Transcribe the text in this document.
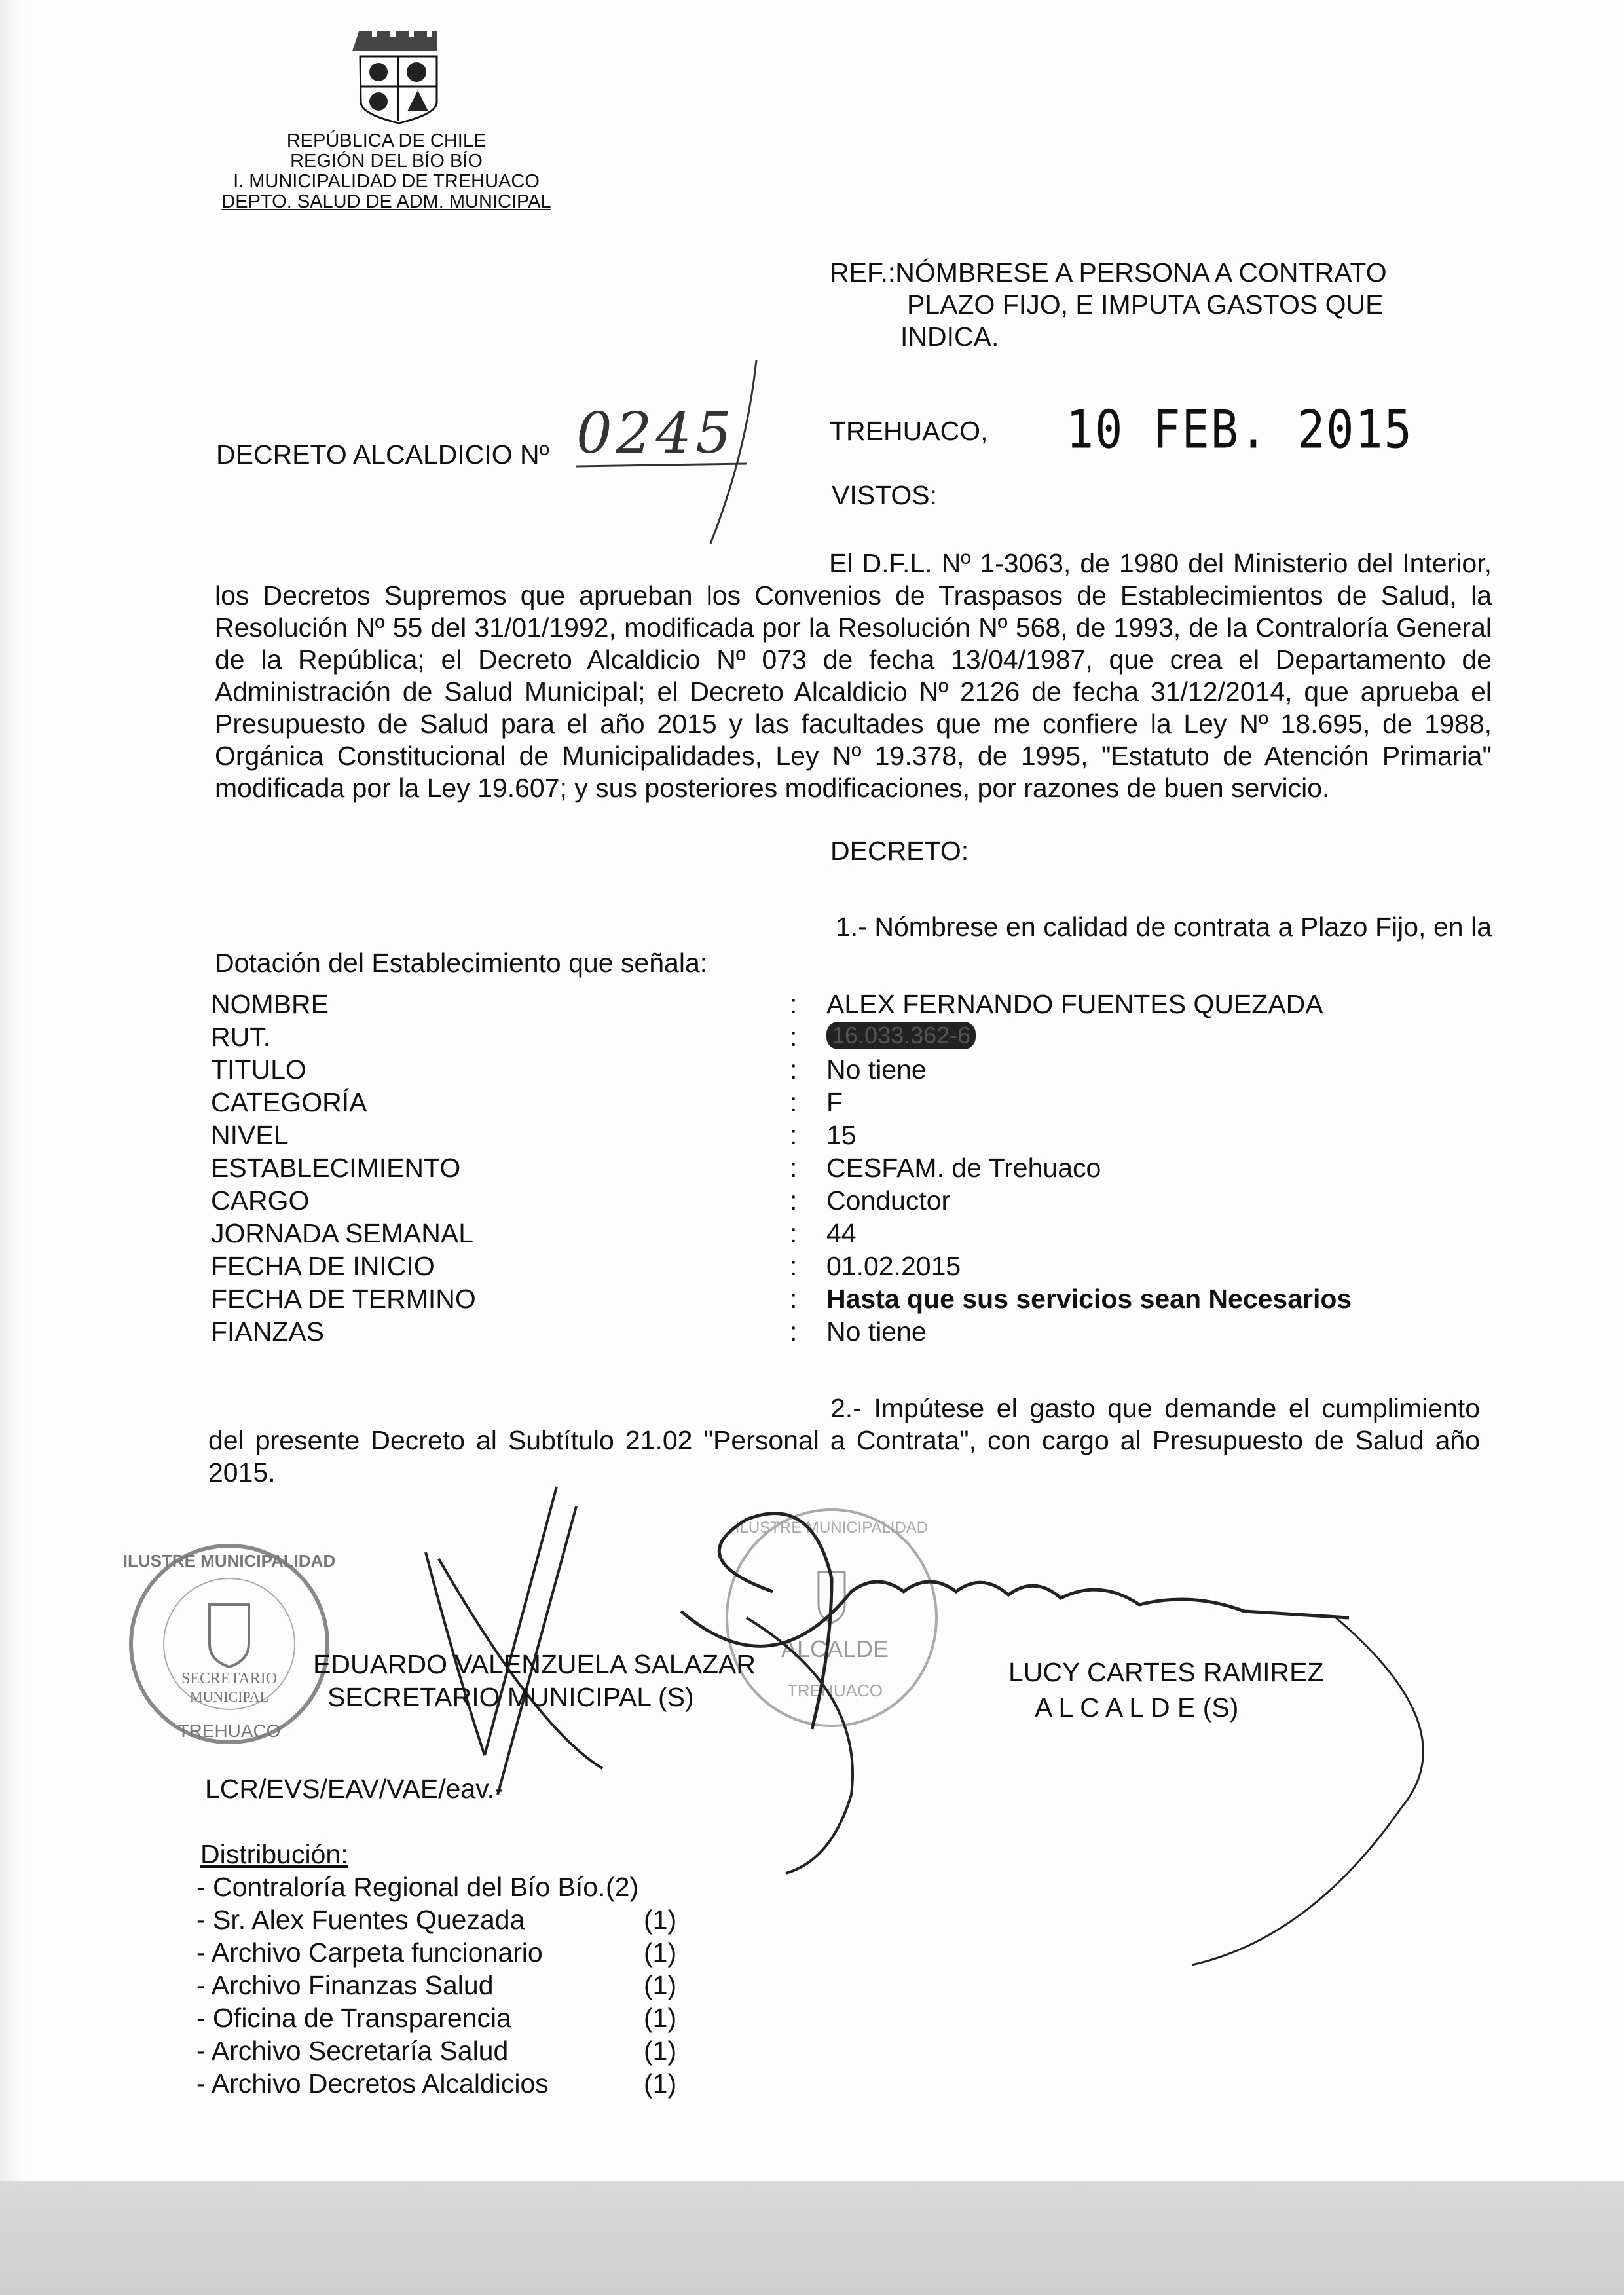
REPÚBLICA DE CHILE
REGIÓN DEL BÍO BÍO
I. MUNICIPALIDAD DE TREHUACO
DEPTO. SALUD DE ADM. MUNICIPAL
REF.:NÓMBRESE A PERSONA A CONTRATO
PLAZO FIJO, E IMPUTA GASTOS QUE
INDICA.
DECRETO ALCALDICIO Nº 0245	TREHUACO, 10 FEB. 2015
VISTOS:
El D.F.L. Nº 1-3063, de 1980 del Ministerio del Interior, los Decretos Supremos que aprueban los Convenios de Traspasos de Establecimientos de Salud, la Resolución Nº 55 del 31/01/1992, modificada por la Resolución Nº 568, de 1993, de la Contraloría General de la República; el Decreto Alcaldicio Nº 073 de fecha 13/04/1987, que crea el Departamento de Administración de Salud Municipal; el Decreto Alcaldicio Nº 2126 de fecha 31/12/2014, que aprueba el Presupuesto de Salud para el año 2015 y las facultades que me confiere la Ley Nº 18.695, de 1988, Orgánica Constitucional de Municipalidades, Ley Nº 19.378, de 1995, "Estatuto de Atención Primaria" modificada por la Ley 19.607; y sus posteriores modificaciones, por razones de buen servicio.
DECRETO:
1.- Nómbrese en calidad de contrata a Plazo Fijo, en la Dotación del Establecimiento que señala:
NOMBRE	: ALEX FERNANDO FUENTES QUEZADA
RUT.	: 16.033.362-6
TITULO	: No tiene
CATEGORÍA	: F
NIVEL	: 15
ESTABLECIMIENTO	: CESFAM. de Trehuaco
CARGO	: Conductor
JORNADA SEMANAL	: 44
FECHA DE INICIO	: 01.02.2015
FECHA DE TERMINO	: Hasta que sus servicios sean Necesarios
FIANZAS	: No tiene
2.- Impútese el gasto que demande el cumplimiento del presente Decreto al Subtítulo 21.02 "Personal a Contrata", con cargo al Presupuesto de Salud año 2015.
SECRETARIO
MUNICIPAL
TREHUACO
ILUSTRE MUNICIPALIDAD
ALCALDE
TREHUACO
ILUSTRE MUNICIPALIDAD
EDUARDO VALENZUELA SALAZAR
SECRETARIO MUNICIPAL (S)
LUCY CARTES RAMIREZ
A L C A L D E (S)
LCR/EVS/EAV/VAE/eav.-
Distribución:
- Contraloría Regional del Bío Bío. (2)
- Sr. Alex Fuentes Quezada	(1)
- Archivo Carpeta funcionario	(1)
- Archivo Finanzas Salud	(1)
- Oficina de Transparencia	(1)
- Archivo Secretaría Salud	(1)
- Archivo Decretos Alcaldicios	(1)
